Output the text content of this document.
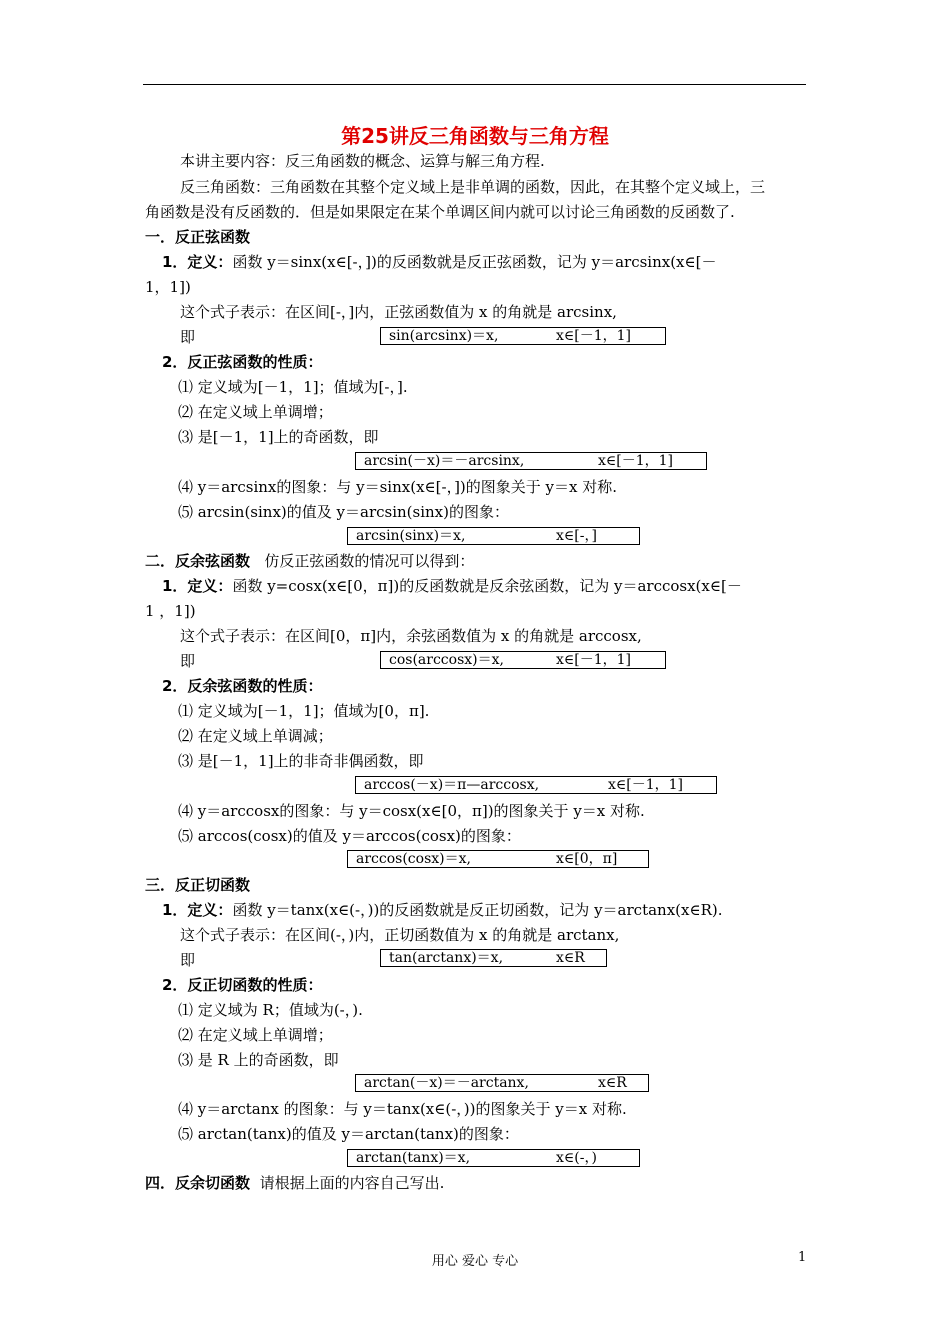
第25讲反三角函数与三角方程
本讲主要内容：反三角函数的概念、运算与解三角方程.
反三角函数：三角函数在其整个定义域上是非单调的函数，因此，在其整个定义域上，三
角函数是没有反函数的．但是如果限定在某个单调区间内就可以讨论三角函数的反函数了.
一．反正弦函数
1．定义：函数 y＝sinx(x∈[-，])的反函数就是反正弦函数，记为 y＝arcsinx(x∈[－
1，1])
这个式子表示：在区间[-，]内，正弦函数值为 x 的角就是 arcsinx,
即	sin(arcsinx)＝x,	x∈[－1，1]
2．反正弦函数的性质：
⑴ 定义域为[－1，1]；值域为[-，].
⑵ 在定义域上单调增；
⑶ 是[－1，1]上的奇函数，即
arcsin(－x)＝－arcsinx,	x∈[－1，1]
⑷ y＝arcsinx的图象：与 y＝sinx(x∈[-，])的图象关于 y＝x 对称.
⑸ arcsin(sinx)的值及 y＝arcsin(sinx)的图象：
arcsin(sinx)＝x,	x∈[-，]
二．反余弦函数 仿反正弦函数的情况可以得到：
1．定义：函数 y=cosx(x∈[0，π])的反函数就是反余弦函数，记为 y＝arccosx(x∈[－
1 ，1])
这个式子表示：在区间[0，π]内，余弦函数值为 x 的角就是 arccosx,
即	cos(arccosx)＝x,	x∈[－1，1]
2．反余弦函数的性质：
⑴ 定义域为[－1，1]；值域为[0，π].
⑵ 在定义域上单调减；
⑶ 是[－1，1]上的非奇非偶函数，即
arccos(－x)＝π—arccosx,	x∈[－1，1]
⑷ y＝arccosx的图象：与 y＝cosx(x∈[0，π])的图象关于 y＝x 对称.
⑸ arccos(cosx)的值及 y＝arccos(cosx)的图象：
arccos(cosx)＝x,	x∈[0，π]
三．反正切函数
1．定义：函数 y＝tanx(x∈(-，))的反函数就是反正切函数，记为 y＝arctanx(x∈R).
这个式子表示：在区间(-，)内，正切函数值为 x 的角就是 arctanx,
即	tan(arctanx)＝x,	x∈R
2．反正切函数的性质：
⑴ 定义域为 R；值域为(-，).
⑵ 在定义域上单调增；
⑶ 是 R 上的奇函数，即
arctan(－x)＝－arctanx,	x∈R
⑷ y＝arctanx 的图象：与 y＝tanx(x∈(-，))的图象关于 y＝x 对称.
⑸ arctan(tanx)的值及 y＝arctan(tanx)的图象：
arctan(tanx)＝x,	x∈(-，)
四．反余切函数 请根据上面的内容自己写出.
用心 爱心 专心	1
